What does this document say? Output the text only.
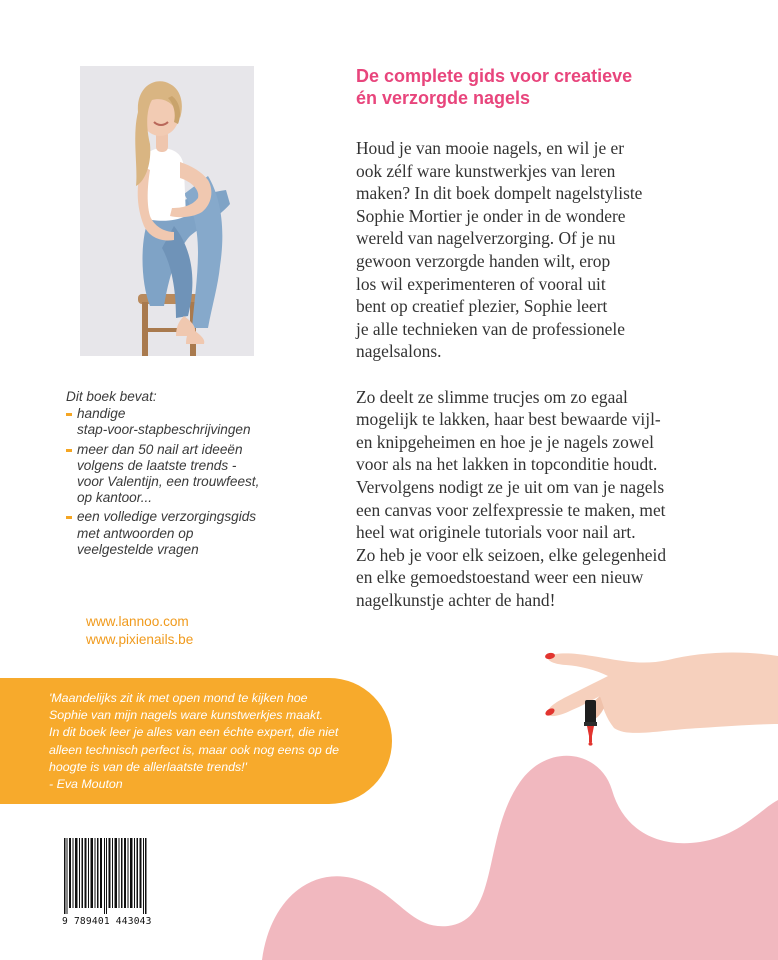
De complete gids voor creatieve
én verzorgde nagels

Houd je van mooie nagels, en wil je er
ook zélf ware kunstwerkjes van leren
maken? In dit boek dompelt nagelstyliste
Sophie Mortier je onder in de wondere
wereld van nagelverzorging. Of je nu
gewoon verzorgde handen wilt, erop
los wil experimenteren of vooral uit
bent op creatief plezier, Sophie leert
je alle technieken van de professionele
nagelsalons.

Zo deelt ze slimme trucjes om zo egaal
mogelijk te lakken, haar best bewaarde vijl-
en knipgeheimen en hoe je je nagels zowel
voor als na het lakken in topconditie houdt.
Vervolgens nodigt ze je uit om van je nagels
een canvas voor zelfexpressie te maken, met
heel wat originele tutorials voor nail art.
Zo heb je voor elk seizoen, elke gelegenheid
en elke gemoedstoestand weer een nieuw
nagelkunstje achter de hand!

Dit boek bevat:

handige
stap-voor-stapbeschrijvingen
meer dan 50 nail art ideeën
volgens de laatste trends -
voor Valentijn, een trouwfeest,
op kantoor...
een volledige verzorgingsgids
met antwoorden op
veelgestelde vragen
www.lannoo.com
www.pixienails.be
'Maandelijks zit ik met open mond te kijken hoe
Sophie van mijn nagels ware kunstwerkjes maakt.
In dit boek leer je alles van een échte expert, die niet
alleen technisch perfect is, maar ook nog eens op de
hoogte is van de allerlaatste trends!'
- Eva Mouton
9 789401 443043
